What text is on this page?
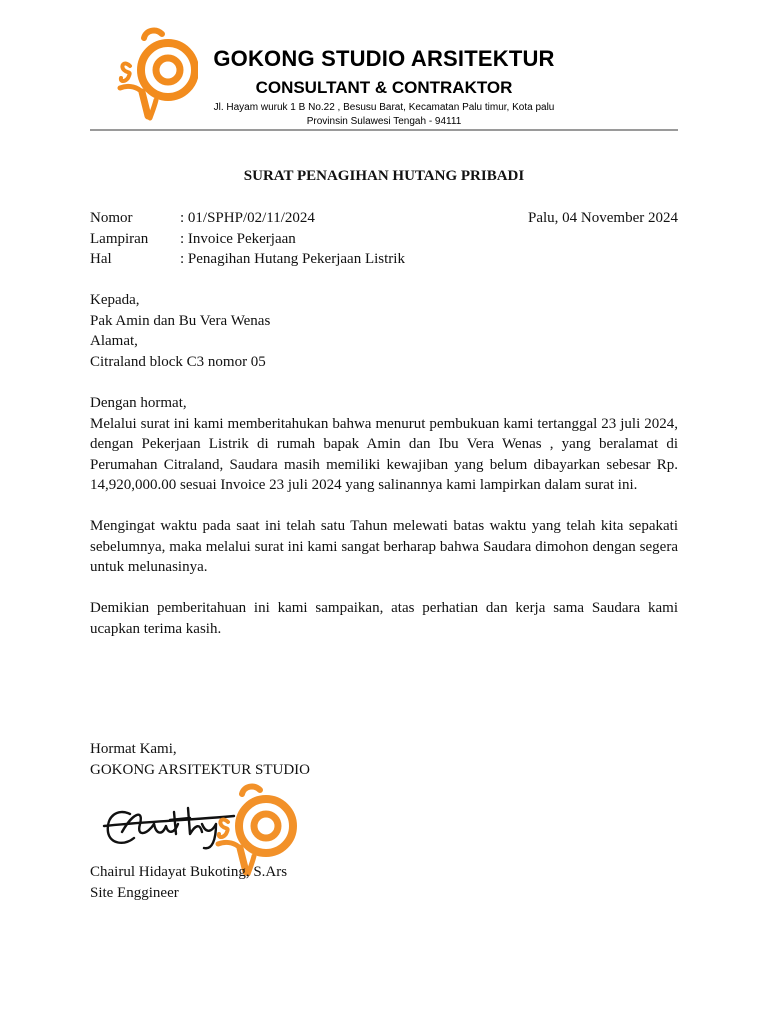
GOKONG STUDIO ARSITEKTUR
CONSULTANT & CONTRAKTOR
Jl. Hayam wuruk 1 B No.22 , Besusu Barat, Kecamatan Palu timur, Kota palu
Provinsin Sulawesi Tengah - 94111
SURAT PENAGIHAN HUTANG PRIBADI
Nomor	: 01/SPHP/02/11/2024
Lampiran	: Invoice Pekerjaan
Hal	: Penagihan Hutang Pekerjaan Listrik
Palu, 04 November 2024
Kepada,
Pak Amin dan Bu Vera Wenas
Alamat,
Citraland block C3 nomor 05
Dengan hormat,
Melalui surat ini kami memberitahukan bahwa menurut pembukuan kami tertanggal 23 juli 2024, dengan Pekerjaan Listrik di rumah bapak Amin dan Ibu Vera Wenas , yang beralamat di Perumahan Citraland, Saudara masih memiliki kewajiban yang belum dibayarkan sebesar Rp. 14,920,000.00 sesuai Invoice 23 juli 2024 yang salinannya kami lampirkan dalam surat ini.
Mengingat waktu pada saat ini telah satu Tahun melewati batas waktu yang telah kita sepakati sebelumnya, maka melalui surat ini kami sangat berharap bahwa Saudara dimohon dengan segera untuk melunasinya.
Demikian pemberitahuan ini kami sampaikan, atas perhatian dan kerja sama Saudara kami ucapkan terima kasih.
Hormat Kami,
GOKONG ARSITEKTUR STUDIO
Chairul Hidayat Bukoting, S.Ars
Site Enggineer
